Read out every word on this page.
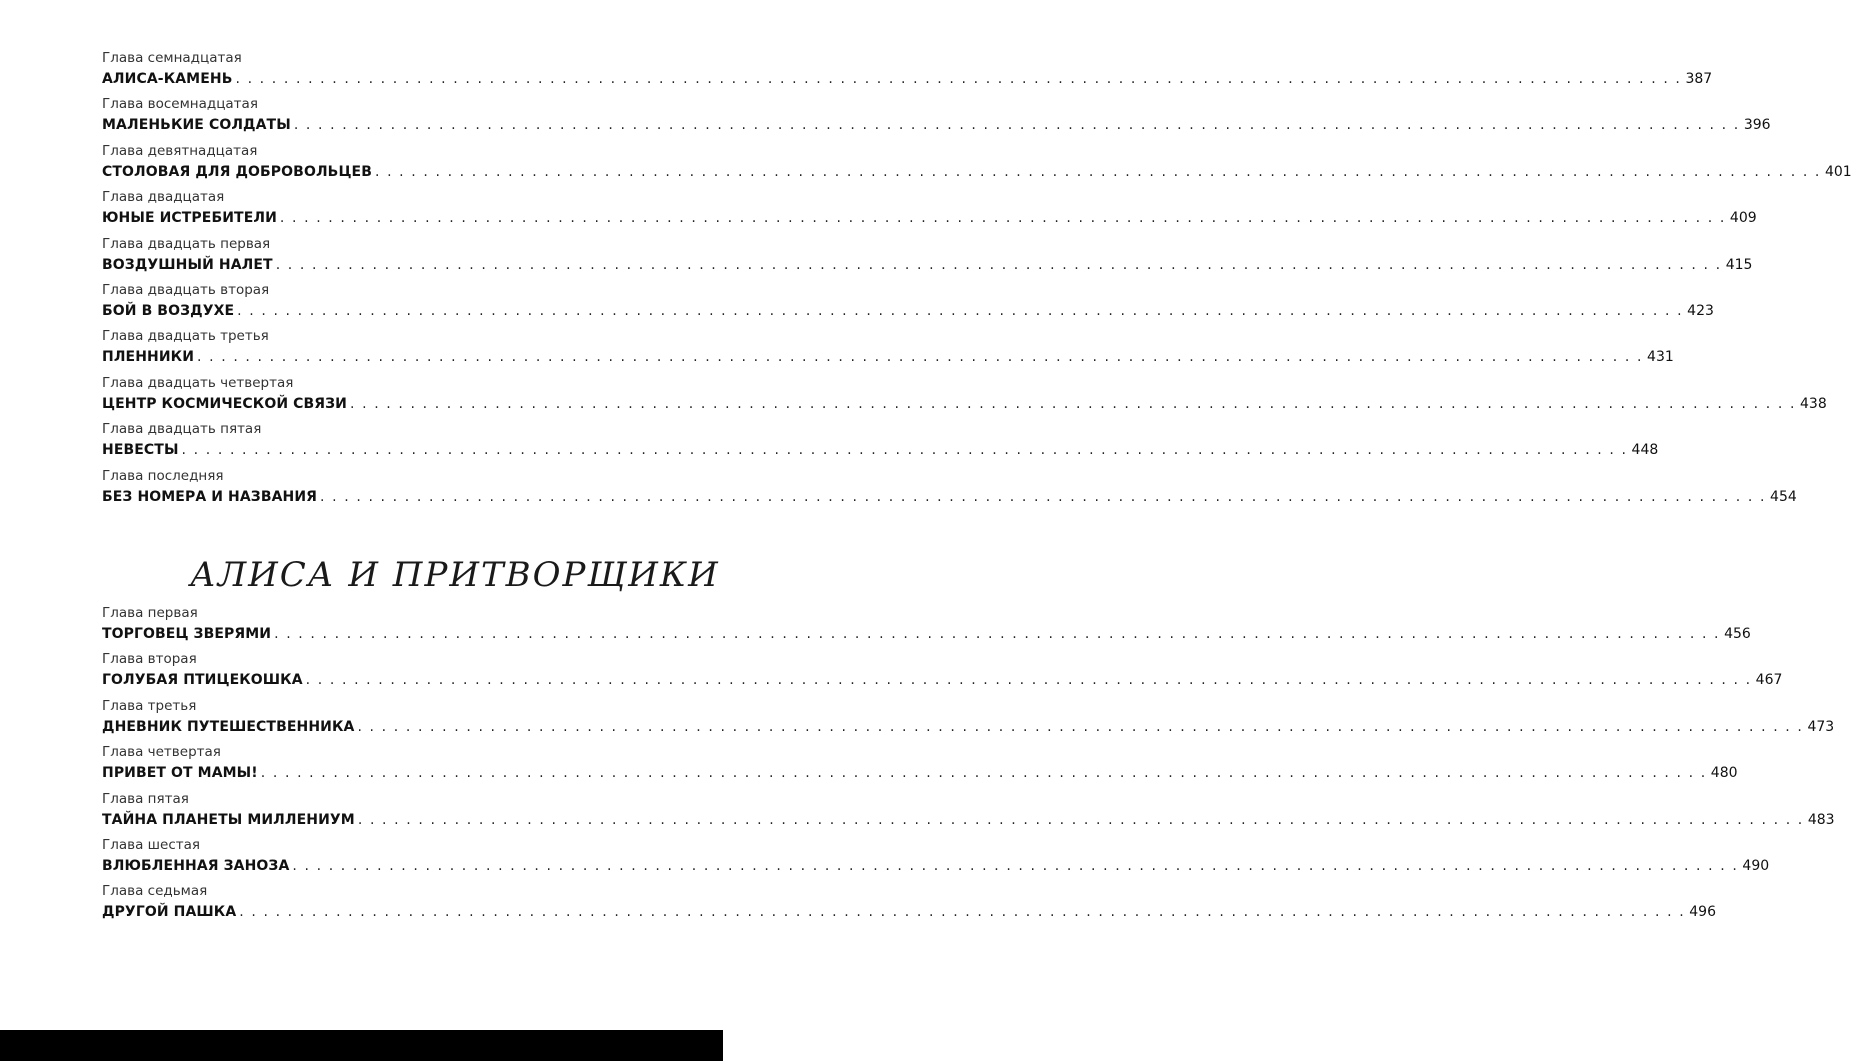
Глава семнадцатая
АЛИСА-КАМЕНЬ . . . . . . . . . . . . . . . . . . . . . . . . . . . . . . . . . . . . . . . . . . . . . . . . . . . . . . . . . . . . . . . . . . . . . . . . . . . . . . . . . . . . . . . . . . . . . . . . . . . . . . . . . . . . . . . . . . . . . . . . 387
Глава восемнадцатая
МАЛЕНЬКИЕ СОЛДАТЫ . . . . . . . . . . . . . . . . . . . . . . . . . . . . . . . . . . . . . . . . . . . . . . . . . . . . . . . . . . . . . . . . . . . . . . . . . . . . . . . . . . . . . . . . . . . . . . . . . . . . . . . . . . . . . . . . . . . . . . . . 396
Глава девятнадцатая
СТОЛОВАЯ ДЛЯ ДОБРОВОЛЬЦЕВ . . . . . . . . . . . . . . . . . . . . . . . . . . . . . . . . . . . . . . . . . . . . . . . . . . . . . . . . . . . . . . . . . . . . . . . . . . . . . . . . . . . . . . . . . . . . . . . . . . . . . . . . . . . . . . . . . . . . . . . . 401
Глава двадцатая
ЮНЫЕ ИСТРЕБИТЕЛИ . . . . . . . . . . . . . . . . . . . . . . . . . . . . . . . . . . . . . . . . . . . . . . . . . . . . . . . . . . . . . . . . . . . . . . . . . . . . . . . . . . . . . . . . . . . . . . . . . . . . . . . . . . . . . . . . . . . . . . . . 409
Глава двадцать первая
ВОЗДУШНЫЙ НАЛЕТ . . . . . . . . . . . . . . . . . . . . . . . . . . . . . . . . . . . . . . . . . . . . . . . . . . . . . . . . . . . . . . . . . . . . . . . . . . . . . . . . . . . . . . . . . . . . . . . . . . . . . . . . . . . . . . . . . . . . . . . . 415
Глава двадцать вторая
БОЙ В ВОЗДУХЕ . . . . . . . . . . . . . . . . . . . . . . . . . . . . . . . . . . . . . . . . . . . . . . . . . . . . . . . . . . . . . . . . . . . . . . . . . . . . . . . . . . . . . . . . . . . . . . . . . . . . . . . . . . . . . . . . . . . . . . . . 423
Глава двадцать третья
ПЛЕННИКИ . . . . . . . . . . . . . . . . . . . . . . . . . . . . . . . . . . . . . . . . . . . . . . . . . . . . . . . . . . . . . . . . . . . . . . . . . . . . . . . . . . . . . . . . . . . . . . . . . . . . . . . . . . . . . . . . . . . . . . . . 431
Глава двадцать четвертая
ЦЕНТР КОСМИЧЕСКОЙ СВЯЗИ . . . . . . . . . . . . . . . . . . . . . . . . . . . . . . . . . . . . . . . . . . . . . . . . . . . . . . . . . . . . . . . . . . . . . . . . . . . . . . . . . . . . . . . . . . . . . . . . . . . . . . . . . . . . . . . . . . . . . . . . 438
Глава двадцать пятая
НЕВЕСТЫ . . . . . . . . . . . . . . . . . . . . . . . . . . . . . . . . . . . . . . . . . . . . . . . . . . . . . . . . . . . . . . . . . . . . . . . . . . . . . . . . . . . . . . . . . . . . . . . . . . . . . . . . . . . . . . . . . . . . . . . . 448
Глава последняя
БЕЗ НОМЕРА И НАЗВАНИЯ . . . . . . . . . . . . . . . . . . . . . . . . . . . . . . . . . . . . . . . . . . . . . . . . . . . . . . . . . . . . . . . . . . . . . . . . . . . . . . . . . . . . . . . . . . . . . . . . . . . . . . . . . . . . . . . . . . . . . . . . 454
АЛИСА И ПРИТВОРЩИКИ
Глава первая
ТОРГОВЕЦ ЗВЕРЯМИ . . . . . . . . . . . . . . . . . . . . . . . . . . . . . . . . . . . . . . . . . . . . . . . . . . . . . . . . . . . . . . . . . . . . . . . . . . . . . . . . . . . . . . . . . . . . . . . . . . . . . . . . . . . . . . . . . . . . . . . . 456
Глава вторая
ГОЛУБАЯ ПТИЦЕКОШКА . . . . . . . . . . . . . . . . . . . . . . . . . . . . . . . . . . . . . . . . . . . . . . . . . . . . . . . . . . . . . . . . . . . . . . . . . . . . . . . . . . . . . . . . . . . . . . . . . . . . . . . . . . . . . . . . . . . . . . . . 467
Глава третья
ДНЕВНИК ПУТЕШЕСТВЕННИКА . . . . . . . . . . . . . . . . . . . . . . . . . . . . . . . . . . . . . . . . . . . . . . . . . . . . . . . . . . . . . . . . . . . . . . . . . . . . . . . . . . . . . . . . . . . . . . . . . . . . . . . . . . . . . . . . . . . . . . . . 473
Глава четвертая
ПРИВЕТ ОТ МАМЫ! . . . . . . . . . . . . . . . . . . . . . . . . . . . . . . . . . . . . . . . . . . . . . . . . . . . . . . . . . . . . . . . . . . . . . . . . . . . . . . . . . . . . . . . . . . . . . . . . . . . . . . . . . . . . . . . . . . . . . . . . 480
Глава пятая
ТАЙНА ПЛАНЕТЫ МИЛЛЕНИУМ . . . . . . . . . . . . . . . . . . . . . . . . . . . . . . . . . . . . . . . . . . . . . . . . . . . . . . . . . . . . . . . . . . . . . . . . . . . . . . . . . . . . . . . . . . . . . . . . . . . . . . . . . . . . . . . . . . . . . . . . 483
Глава шестая
ВЛЮБЛЕННАЯ ЗАНОЗА . . . . . . . . . . . . . . . . . . . . . . . . . . . . . . . . . . . . . . . . . . . . . . . . . . . . . . . . . . . . . . . . . . . . . . . . . . . . . . . . . . . . . . . . . . . . . . . . . . . . . . . . . . . . . . . . . . . . . . . . 490
Глава седьмая
ДРУГОЙ ПАШКА . . . . . . . . . . . . . . . . . . . . . . . . . . . . . . . . . . . . . . . . . . . . . . . . . . . . . . . . . . . . . . . . . . . . . . . . . . . . . . . . . . . . . . . . . . . . . . . . . . . . . . . . . . . . . . . . . . . . . . . . 496
